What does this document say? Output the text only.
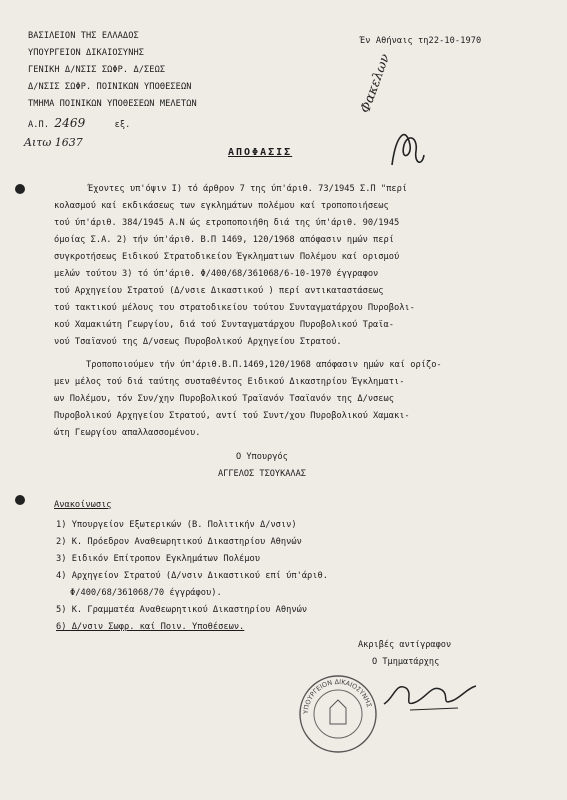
ΒΑΣΙΛΕΙΟΝ ΤΗΣ ΕΛΛΑΔΟΣ
ΥΠΟΥΡΓΕΙΟΝ ΔΙΚΑΙΟΣΥΝΗΣ
ΓΕΝΙΚΗ Δ/ΝΣΙΣ ΣΩΦΡ. Δ/ΣΕΩΣ
Δ/ΝΣΙΣ ΣΩΦΡ. ΠΟΙΝΙΚΩΝ ΥΠΟΘΕΣΕΩΝ
ΤΜΗΜΑ ΠΟΙΝΙΚΩΝ ΥΠΟΘΕΣΕΩΝ ΜΕΛΕΤΩΝ
Α.Π. 2469	εξ.
Αιτω 1637
Έν Αθήναις τη22-10-1970
Φακελων
ΑΠΟΦΑΣΙΣ
Έχοντες υπ'όψιν Ι) τό άρθρον 7 της ύπ'άριθ. 73/1945 Σ.Π "περί
κολασμού καί εκδικάσεως των εγκλημάτων πολέμου καί τροποποιήσεως
τού ύπ'άριθ. 384/1945 Α.Ν ώς ετροποποιήθη διά της ύπ'άριθ. 90/1945
όμοίας Σ.Α. 2) τήν ύπ'άριθ. Β.Π 1469, 120/1968 απόφασιν ημών περί
συγκροτήσεως Ειδικού Στρατοδικείου Έγκληματιων Πολέμου καί ορισμού
μελών τούτου 3) τό ύπ'άριθ. Φ/400/68/361068/6-10-1970 έγγραφον
τού Αρχηγείου Στρατού (Δ/νσιε Δικαστικού ) περί αντικαταστάσεως
τού τακτικού μέλους του στρατοδικείου τούτου Συνταγματάρχου Πυροβολι-
κού Χαμακιώτη Γεωργίου, διά τού Συνταγματάρχου Πυροβολικού Τραϊα-
νού Τσαϊανού της Δ/νσεως Πυροβολικού Αρχηγείου Στρατού.
Τροποποιούμεν τήν ύπ'άριθ.Β.Π.1469,120/1968 απόφασιν ημών καί ορίζο-
μεν μέλος τού διά ταύτης συσταθέντος Ειδικού Δικαστηρίου Έγκληματι-
ων Πολέμου, τόν Συν/χην Πυροβολικού Τραϊανόν Τσαϊανόν της Δ/νσεως
Πυροβολικού Αρχηγείου Στρατού, αντί τού Συντ/χου Πυροβολικού Χαμακι-
ώτη Γεωργίου απαλλασσομένου.
Ο Υπουργός
ΑΓΓΕΛΟΣ ΤΣΟΥΚΑΛΑΣ
Ανακοίνωσις
1) Υπουργείον Εξωτερικών (Β. Πολιτικήν Δ/νσιν)
2) Κ. Πρόεδρον Αναθεωρητικού Δικαστηρίου Αθηνών
3) Ειδικόν Επίτροπον Εγκλημάτων Πολέμου
4) Αρχηγείον Στρατού (Δ/νσιν Δικαστικού επί ύπ'άριθ.
Φ/400/68/361068/70 έγγράφου).
5) Κ. Γραμματέα Αναθεωρητικού Δικαστηρίου Αθηνών
6) Δ/νσιν Σωφρ. καί Ποιν. Υποθέσεων.
Ακριβές αντίγραφον
Ο Τμηματάρχης
ΥΠΟΥΡΓΕΙΟΝ ΔΙΚΑΙΟΣΥΝΗΣ
